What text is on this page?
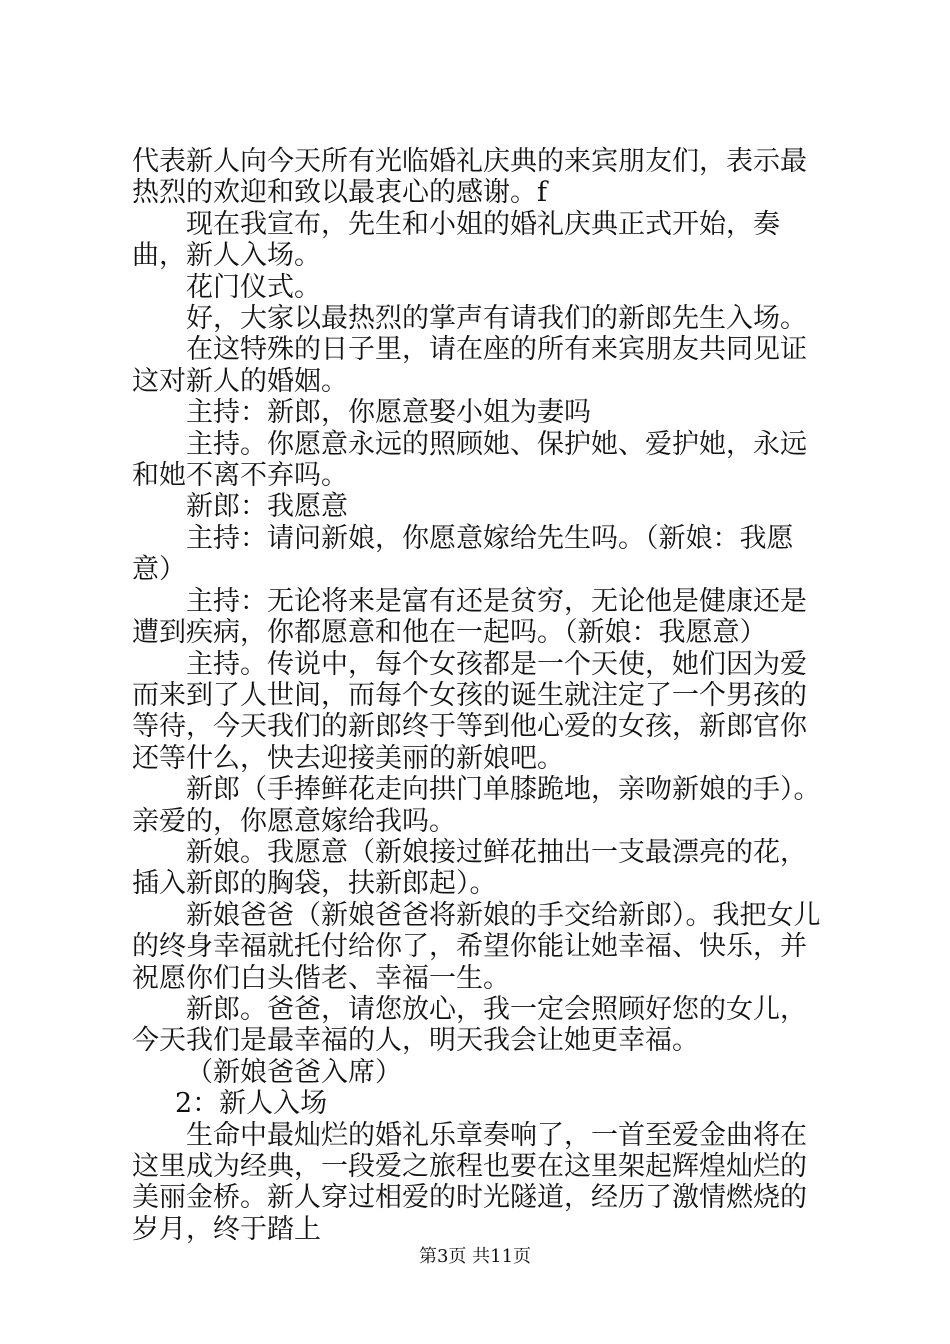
代表新人向今天所有光临婚礼庆典的来宾朋友们，表示最热烈的欢迎和致以最衷心的感谢。f

现在我宣布，先生和小姐的婚礼庆典正式开始，奏曲，新人入场。

花门仪式。

好，大家以最热烈的掌声有请我们的新郎先生入场。

在这特殊的日子里，请在座的所有来宾朋友共同见证这对新人的婚姻。

主持：新郎，你愿意娶小姐为妻吗

主持。你愿意永远的照顾她、保护她、爱护她，永远和她不离不弃吗。

新郎：我愿意

主持：请问新娘，你愿意嫁给先生吗。（新娘：我愿意）

主持：无论将来是富有还是贫穷，无论他是健康还是遭到疾病，你都愿意和他在一起吗。（新娘：我愿意）

主持。传说中，每个女孩都是一个天使，她们因为爱而来到了人世间，而每个女孩的诞生就注定了一个男孩的等待，今天我们的新郎终于等到他心爱的女孩，新郎官你还等什么，快去迎接美丽的新娘吧。

新郎（手捧鲜花走向拱门单膝跪地，亲吻新娘的手）。亲爱的，你愿意嫁给我吗。

新娘。我愿意（新娘接过鲜花抽出一支最漂亮的花，插入新郎的胸袋，扶新郎起）。

新娘爸爸（新娘爸爸将新娘的手交给新郎）。我把女儿的终身幸福就托付给你了，希望你能让她幸福、快乐，并祝愿你们白头偕老、幸福一生。

新郎。爸爸，请您放心，我一定会照顾好您的女儿，今天我们是最幸福的人，明天我会让她更幸福。

（新娘爸爸入席）

2：新人入场

生命中最灿烂的婚礼乐章奏响了，一首至爱金曲将在这里成为经典，一段爱之旅程也要在这里架起辉煌灿烂的美丽金桥。新人穿过相爱的时光隧道，经历了激情燃烧的岁月，终于踏上

第3页 共11页
